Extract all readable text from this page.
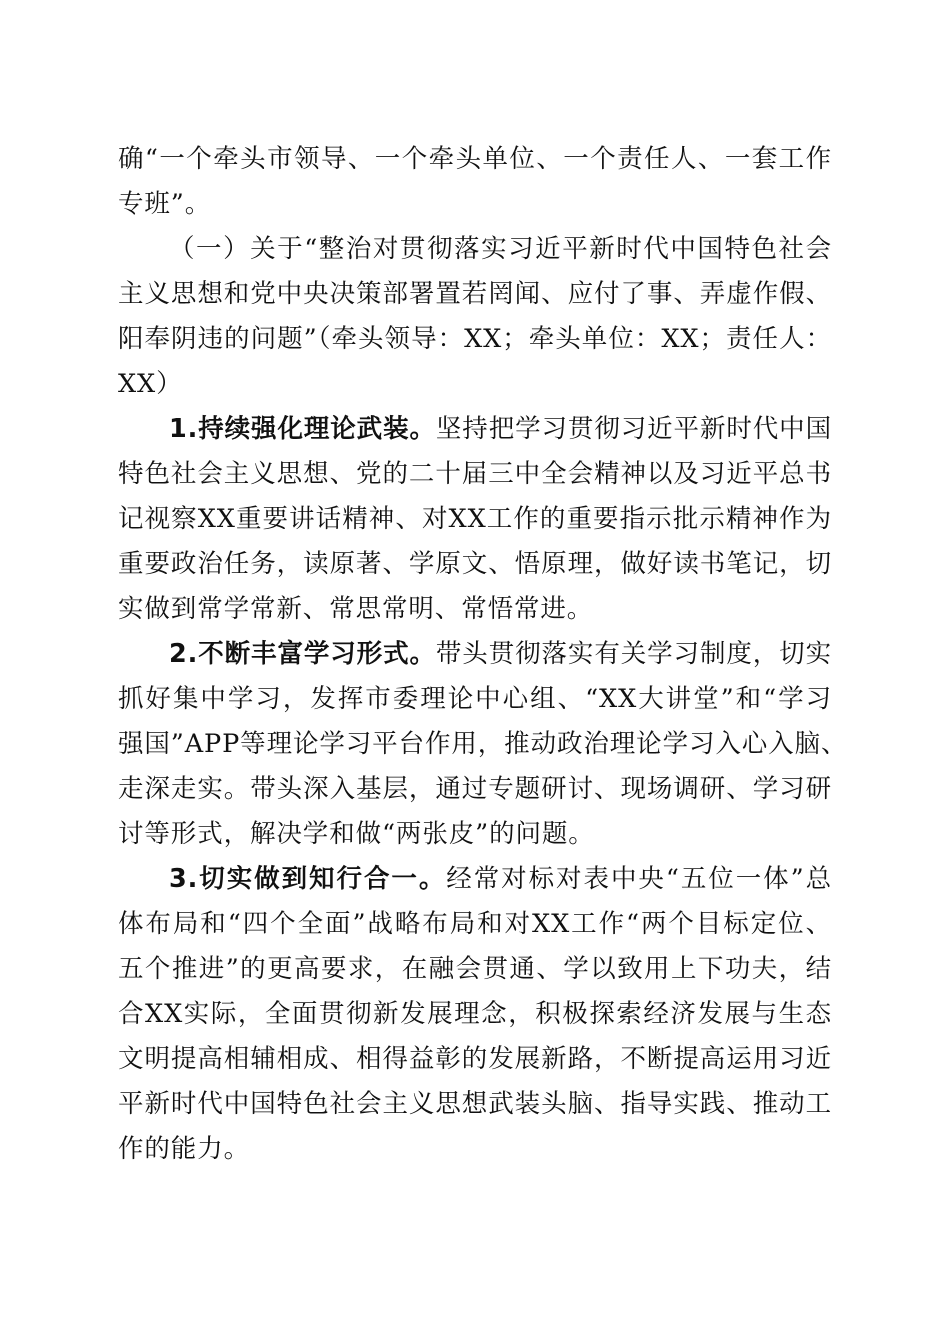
确“一个牵头市领导、一个牵头单位、一个责任人、一套工作
专班”。
（一）关于“整治对贯彻落实习近平新时代中国特色社会
主义思想和党中央决策部署置若罔闻、应付了事、弄虚作假、
阳奉阴违的问题”（牵头领导：XX；牵头单位：XX；责任人：
XX）
1.持续强化理论武装。坚持把学习贯彻习近平新时代中国
特色社会主义思想、党的二十届三中全会精神以及习近平总书
记视察XX重要讲话精神、对XX工作的重要指示批示精神作为
重要政治任务，读原著、学原文、悟原理，做好读书笔记，切
实做到常学常新、常思常明、常悟常进。
2.不断丰富学习形式。带头贯彻落实有关学习制度，切实
抓好集中学习，发挥市委理论中心组、“XX大讲堂”和“学习
强国”APP等理论学习平台作用，推动政治理论学习入心入脑、
走深走实。带头深入基层，通过专题研讨、现场调研、学习研
讨等形式，解决学和做“两张皮”的问题。
3.切实做到知行合一。经常对标对表中央“五位一体”总
体布局和“四个全面”战略布局和对XX工作“两个目标定位、
五个推进”的更高要求，在融会贯通、学以致用上下功夫，结
合XX实际，全面贯彻新发展理念，积极探索经济发展与生态
文明提高相辅相成、相得益彰的发展新路，不断提高运用习近
平新时代中国特色社会主义思想武装头脑、指导实践、推动工
作的能力。
